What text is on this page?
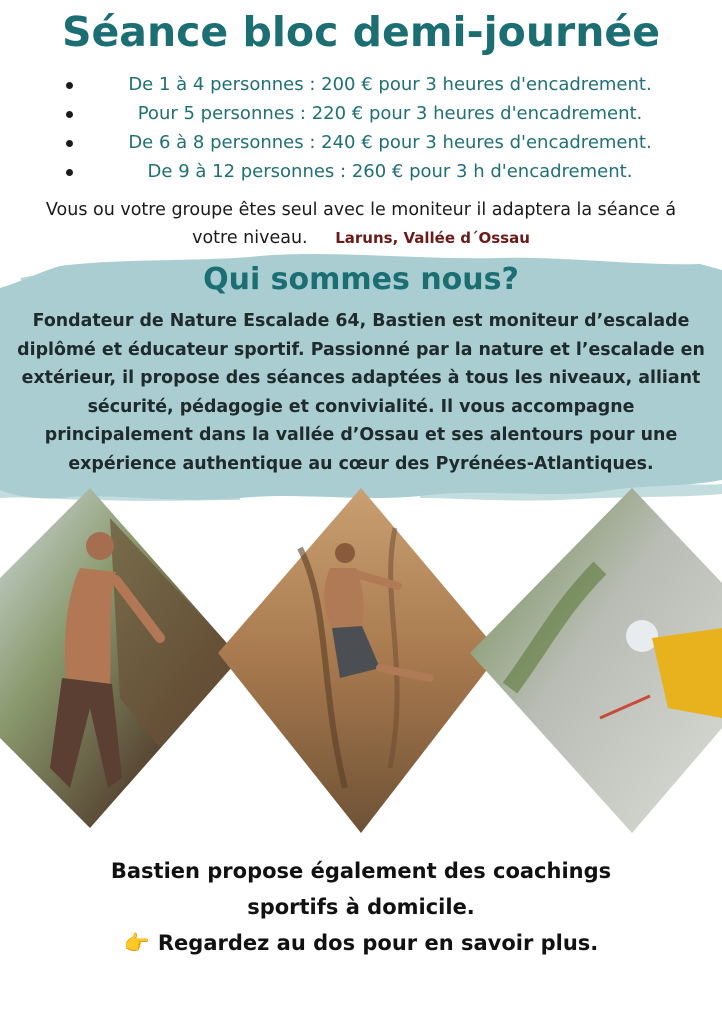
Séance bloc demi-journée
De 1 à 4 personnes : 200 € pour 3 heures d'encadrement.
Pour 5 personnes : 220 € pour 3 heures d'encadrement.
De 6 à 8 personnes : 240 € pour 3 heures d'encadrement.
De 9 à 12 personnes : 260 € pour 3 h d'encadrement.
Vous ou votre groupe êtes seul avec le moniteur il adaptera la séance á
votre niveau. Laruns, Vallée d´Ossau
Qui sommes nous?
Fondateur de Nature Escalade 64, Bastien est moniteur d’escalade
diplômé et éducateur sportif. Passionné par la nature et l’escalade en
extérieur, il propose des séances adaptées à tous les niveaux, alliant
sécurité, pédagogie et convivialité. Il vous accompagne
principalement dans la vallée d’Ossau et ses alentours pour une
expérience authentique au cœur des Pyrénées-Atlantiques.
Bastien propose également des coachings
sportifs à domicile.
👉 Regardez au dos pour en savoir plus.
